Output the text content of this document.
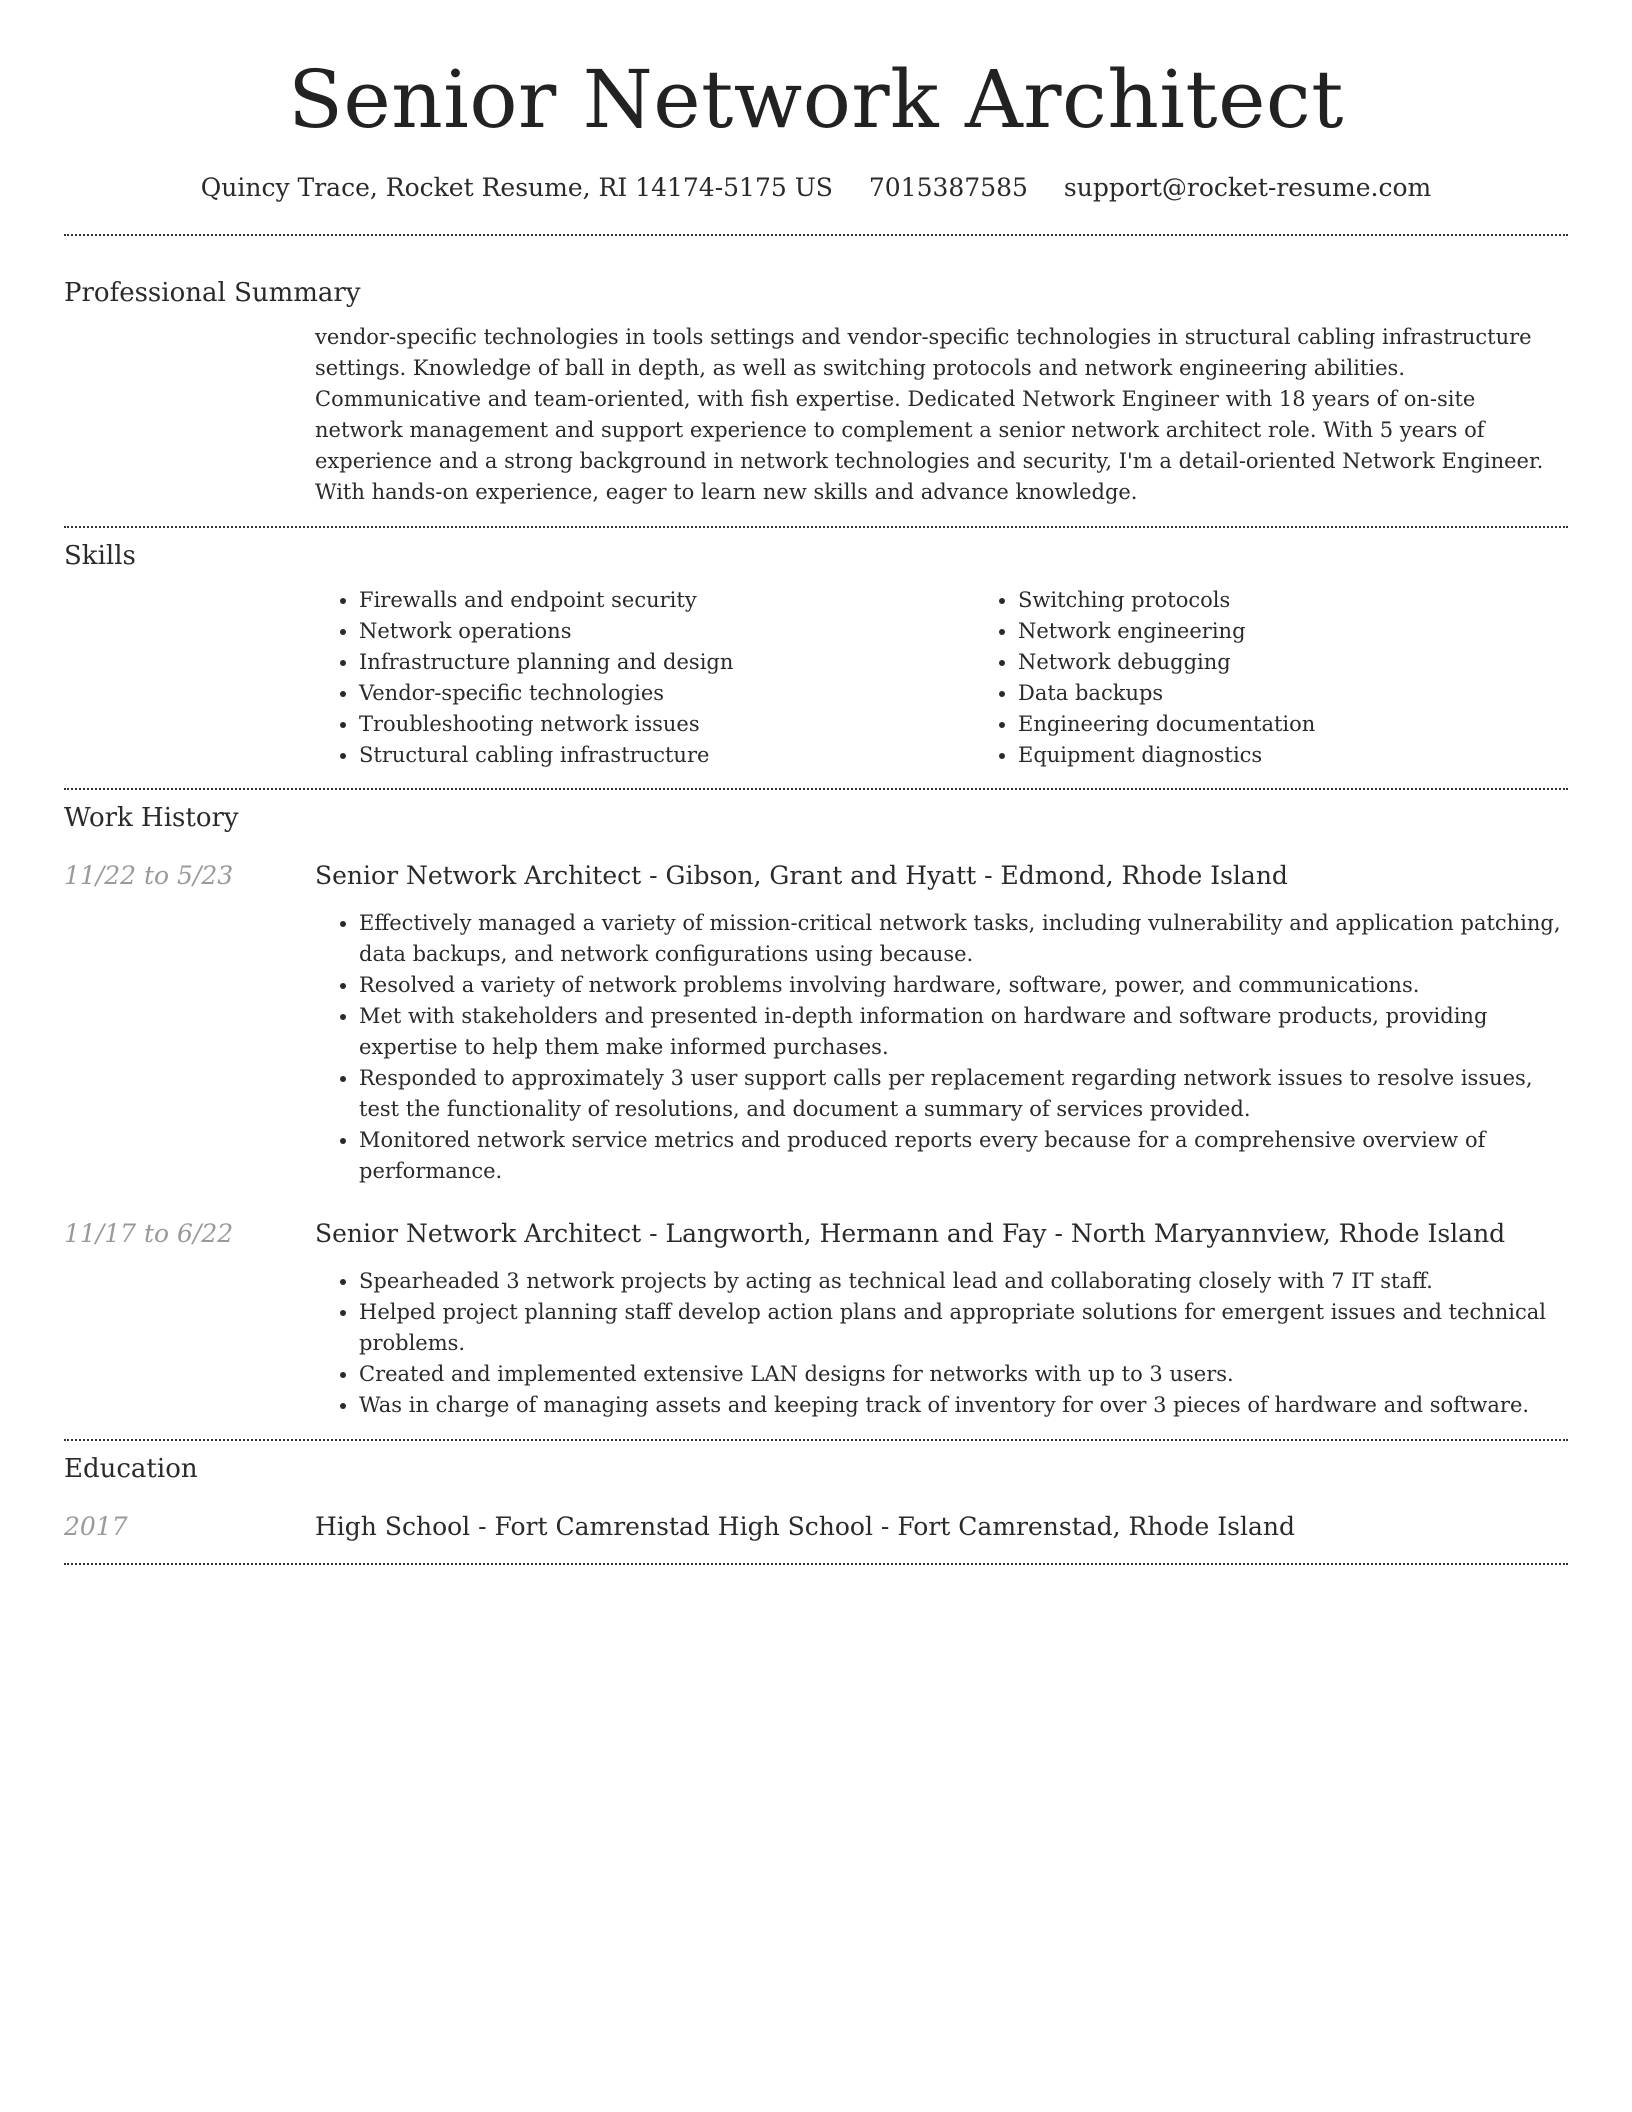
Senior Network Architect
Quincy Trace, Rocket Resume, RI 14174-5175 US 7015387585 support@rocket-resume.com
Professional Summary

vendor-specific technologies in tools settings and vendor-specific technologies in structural cabling infrastructure settings. Knowledge of ball in depth, as well as switching protocols and network engineering abilities. Communicative and team-oriented, with fish expertise. Dedicated Network Engineer with 18 years of on-site network management and support experience to complement a senior network architect role. With 5 years of experience and a strong background in network technologies and security, I'm a detail-oriented Network Engineer. With hands-on experience, eager to learn new skills and advance knowledge.

Skills
• Firewalls and endpoint security
• Network operations
• Infrastructure planning and design
• Vendor-specific technologies
• Troubleshooting network issues
• Structural cabling infrastructure
• Switching protocols
• Network engineering
• Network debugging
• Data backups
• Engineering documentation
• Equipment diagnostics
Work History
11/22 to 5/23	Senior Network Architect - Gibson, Grant and Hyatt - Edmond, Rhode Island
• Effectively managed a variety of mission-critical network tasks, including vulnerability and application patching, data backups, and network configurations using because.
• Resolved a variety of network problems involving hardware, software, power, and communications.
• Met with stakeholders and presented in-depth information on hardware and software products, providing expertise to help them make informed purchases.
• Responded to approximately 3 user support calls per replacement regarding network issues to resolve issues, test the functionality of resolutions, and document a summary of services provided.
• Monitored network service metrics and produced reports every because for a comprehensive overview of performance.
11/17 to 6/22	Senior Network Architect - Langworth, Hermann and Fay - North Maryannview, Rhode Island
• Spearheaded 3 network projects by acting as technical lead and collaborating closely with 7 IT staff.
• Helped project planning staff develop action plans and appropriate solutions for emergent issues and technical problems.
• Created and implemented extensive LAN designs for networks with up to 3 users.
• Was in charge of managing assets and keeping track of inventory for over 3 pieces of hardware and software.
Education
2017	High School - Fort Camrenstad High School - Fort Camrenstad, Rhode Island
